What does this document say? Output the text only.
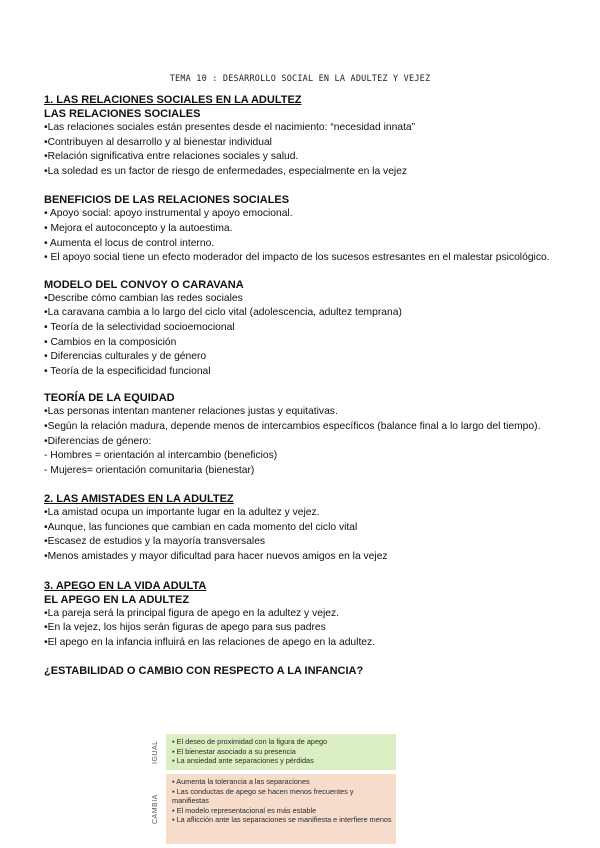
TEMA 10 : DESARROLLO SOCIAL EN LA ADULTEZ Y VEJEZ

1. LAS RELACIONES SOCIALES EN LA ADULTEZ

LAS RELACIONES SOCIALES

•Las relaciones sociales están presentes desde el nacimiento: “necesidad innata”
•Contribuyen al desarrollo y al bienestar individual
•Relación significativa entre relaciones sociales y salud.
•La soledad es un factor de riesgo de enfermedades, especialmente en la vejez

BENEFICIOS DE LAS RELACIONES SOCIALES

• Apoyo social: apoyo instrumental y apoyo emocional.
• Mejora el autoconcepto y la autoestima.
• Aumenta el locus de control interno.
• El apoyo social tiene un efecto moderador del impacto de los sucesos estresantes en el malestar psicológico.

MODELO DEL CONVOY O CARAVANA

•Describe cómo cambian las redes sociales
•La caravana cambia a lo largo del ciclo vital (adolescencia, adultez temprana)
• Teoría de la selectividad socioemocional
• Cambios en la composición
• Diferencias culturales y de género
• Teoría de la especificidad funcional

TEORÍA DE LA EQUIDAD

•Las personas intentan mantener relaciones justas y equitativas.
•Según la relación madura, depende menos de intercambios específicos (balance final a lo largo del tiempo).
•Diferencias de género:
- Hombres = orientación al intercambio (beneficios)
- Mujeres= orientación comunitaria (bienestar)

2. LAS AMISTADES EN LA ADULTEZ

•La amistad ocupa un importante lugar en la adultez y vejez.
•Aunque, las funciones que cambian en cada momento del ciclo vital
•Escasez de estudios y la mayoría transversales
•Menos amistades y mayor dificultad para hacer nuevos amigos en la vejez

3. APEGO EN LA VIDA ADULTA

EL APEGO EN LA ADULTEZ

•La pareja será la principal figura de apego en la adultez y vejez.
•En la vejez, los hijos serán figuras de apego para sus padres
•El apego en la infancia influirá en las relaciones de apego en la adultez.

¿ESTABILIDAD O CAMBIO CON RESPECTO A LA INFANCIA?

IGUAL	▪ El deseo de proximidad con la figura de apego
▪ El bienestar asociado a su presencia
▪ La ansiedad ante separaciones y pérdidas
CAMBIA
▪ Aumenta la tolerancia a las separaciones
▪ Las conductas de apego se hacen menos frecuentes y manifiestas
▪ El modelo representacional es más estable
▪ La aflicción ante las separaciones se manifiesta e interfiere menos
